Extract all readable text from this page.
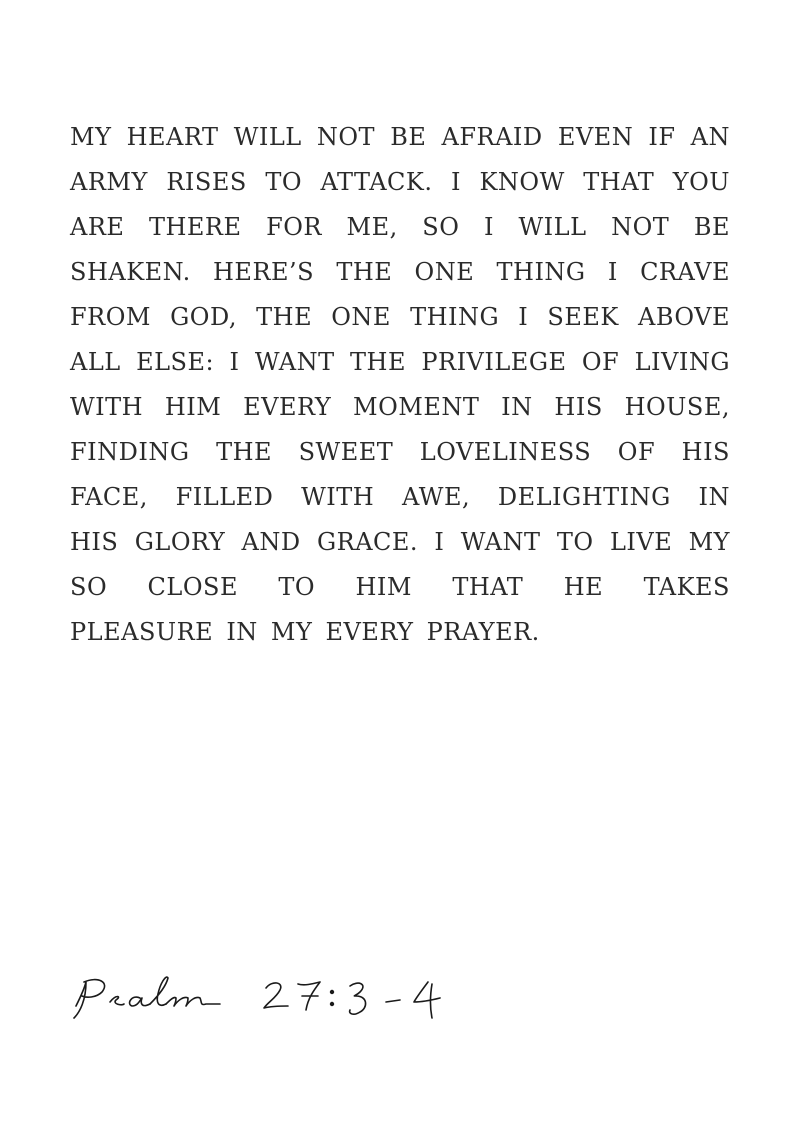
MY HEART WILL NOT BE AFRAID EVEN IF AN
ARMY RISES TO ATTACK. I KNOW THAT YOU
ARE THERE FOR ME, SO I WILL NOT BE
SHAKEN. HERE’S THE ONE THING I CRAVE
FROM GOD, THE ONE THING I SEEK ABOVE
ALL ELSE: I WANT THE PRIVILEGE OF LIVING
WITH HIM EVERY MOMENT IN HIS HOUSE,
FINDING THE SWEET LOVELINESS OF HIS
FACE, FILLED WITH AWE, DELIGHTING IN
HIS GLORY AND GRACE. I WANT TO LIVE MY
SO CLOSE TO HIM THAT HE TAKES
PLEASURE IN MY EVERY PRAYER.
